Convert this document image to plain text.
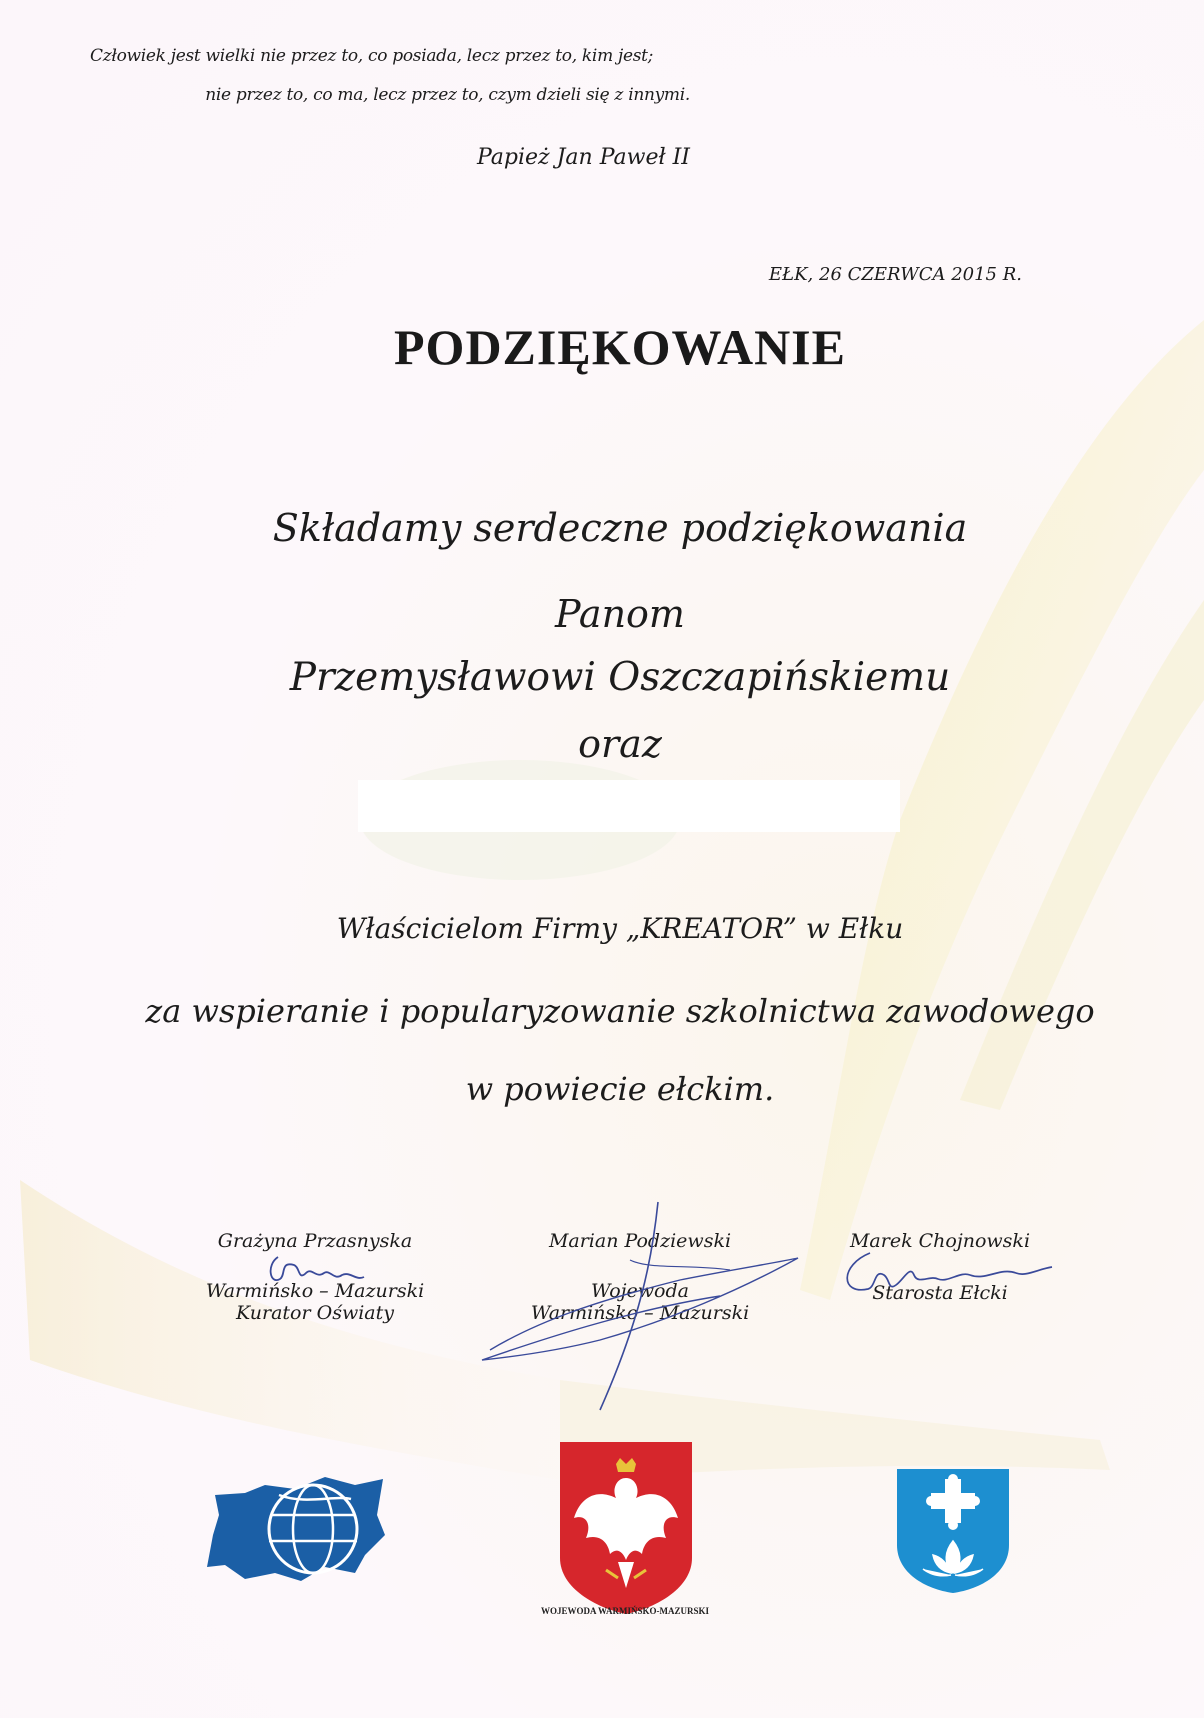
Człowiek jest wielki nie przez to, co posiada, lecz przez to, kim jest;
nie przez to, co ma, lecz przez to, czym dzieli się z innymi.
Papież Jan Paweł II
EŁK, 26 CZERWCA 2015 R.
PODZIĘKOWANIE
Składamy serdeczne podziękowania
Panom
Przemysławowi Oszczapińskiemu
oraz
Właścicielom Firmy „KREATOR” w Ełku
za wspieranie i popularyzowanie szkolnictwa zawodowego
w powiecie ełckim.
Grażyna Przasnyska
Warmińsko – Mazurski
Kurator Oświaty
Marian Podziewski
Wojewoda
Warmińsko – Mazurski
Marek Chojnowski
Starosta Ełcki
WOJEWODA WARMIŃSKO-MAZURSKI
